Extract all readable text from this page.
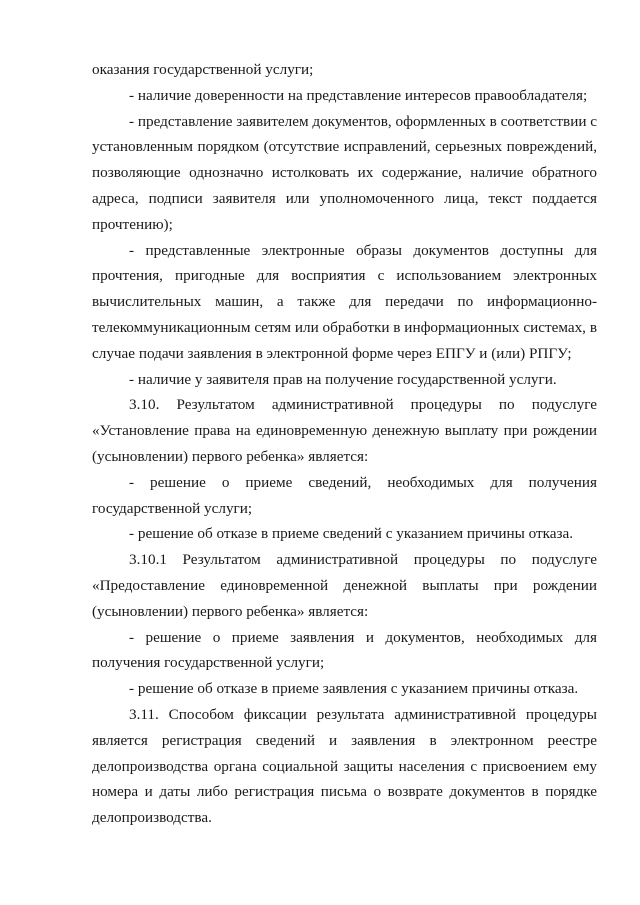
оказания государственной услуги;

- наличие доверенности на представление интересов правообладателя;

- представление заявителем документов, оформленных в соответствии с установленным порядком (отсутствие исправлений, серьезных повреждений, позволяющие однозначно истолковать их содержание, наличие обратного адреса, подписи заявителя или уполномоченного лица, текст поддается прочтению);

- представленные электронные образы документов доступны для прочтения, пригодные для восприятия с использованием электронных вычислительных машин, а также для передачи по информационно-телекоммуникационным сетям или обработки в информационных системах, в случае подачи заявления в электронной форме через ЕПГУ и (или) РПГУ;

- наличие у заявителя прав на получение государственной услуги.

3.10. Результатом административной процедуры по подуслуге «Установление права на единовременную денежную выплату при рождении (усыновлении) первого ребенка» является:

- решение о приеме сведений, необходимых для получения государственной услуги;

- решение об отказе в приеме сведений с указанием причины отказа.

3.10.1 Результатом административной процедуры по подуслуге «Предоставление единовременной денежной выплаты при рождении (усыновлении) первого ребенка» является:

- решение о приеме заявления и документов, необходимых для получения государственной услуги;

- решение об отказе в приеме заявления с указанием причины отказа.

3.11. Способом фиксации результата административной процедуры является регистрация сведений и заявления в электронном реестре делопроизводства органа социальной защиты населения с присвоением ему номера и даты либо регистрация письма о возврате документов в порядке делопроизводства.
